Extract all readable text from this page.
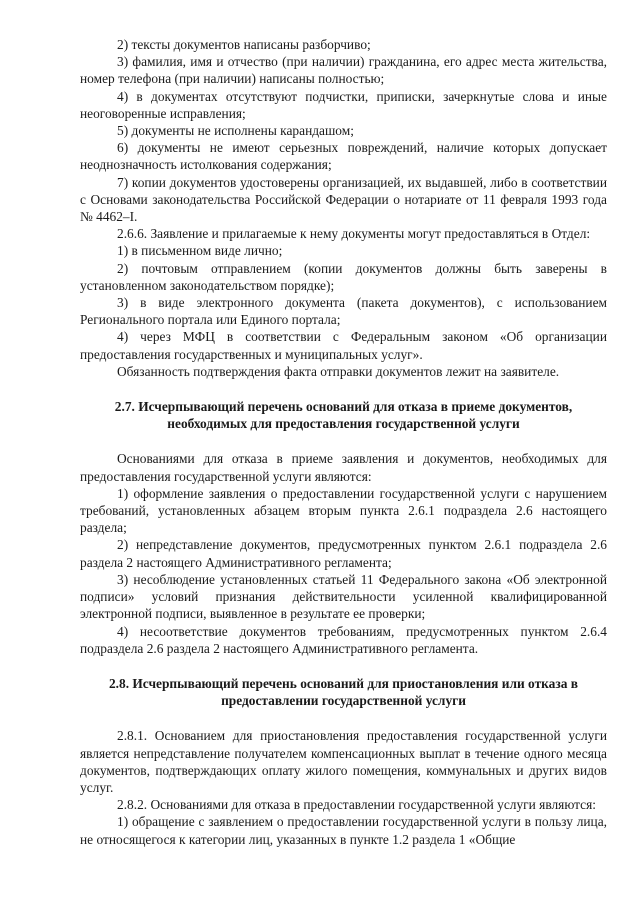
2) тексты документов написаны разборчиво;

3) фамилия, имя и отчество (при наличии) гражданина, его адрес места жительства, номер телефона (при наличии) написаны полностью;

4) в документах отсутствуют подчистки, приписки, зачеркнутые слова и иные неоговоренные исправления;

5) документы не исполнены карандашом;

6) документы не имеют серьезных повреждений, наличие которых допускает неоднозначность истолкования содержания;

7) копии документов удостоверены организацией, их выдавшей, либо в соответствии с Основами законодательства Российской Федерации о нотариате от 11 февраля 1993 года № 4462–I.

2.6.6. Заявление и прилагаемые к нему документы могут предоставляться в Отдел:

1) в письменном виде лично;

2) почтовым отправлением (копии документов должны быть заверены в установленном законодательством порядке);

3) в виде электронного документа (пакета документов), с использованием Регионального портала или Единого портала;

4) через МФЦ в соответствии с Федеральным законом «Об организации предоставления государственных и муниципальных услуг».

Обязанность подтверждения факта отправки документов лежит на заявителе.

2.7. Исчерпывающий перечень оснований для отказа в приеме документов, необходимых для предоставления государственной услуги

Основаниями для отказа в приеме заявления и документов, необходимых для предоставления государственной услуги являются:

1) оформление заявления о предоставлении государственной услуги с нарушением требований, установленных абзацем вторым пункта 2.6.1 подраздела 2.6 настоящего раздела;

2) непредставление документов, предусмотренных пунктом 2.6.1 подраздела 2.6 раздела 2 настоящего Административного регламента;

3) несоблюдение установленных статьей 11 Федерального закона «Об электронной подписи» условий признания действительности усиленной квалифицированной электронной подписи, выявленное в результате ее проверки;

4) несоответствие документов требованиям, предусмотренных пунктом 2.6.4 подраздела 2.6 раздела 2 настоящего Административного регламента.

2.8. Исчерпывающий перечень оснований для приостановления или отказа в предоставлении государственной услуги

2.8.1. Основанием для приостановления предоставления государственной услуги является непредставление получателем компенсационных выплат в течение одного месяца документов, подтверждающих оплату жилого помещения, коммунальных и других видов услуг.

2.8.2. Основаниями для отказа в предоставлении государственной услуги являются:

1) обращение с заявлением о предоставлении государственной услуги в пользу лица, не относящегося к категории лиц, указанных в пункте 1.2 раздела 1 «Общие
